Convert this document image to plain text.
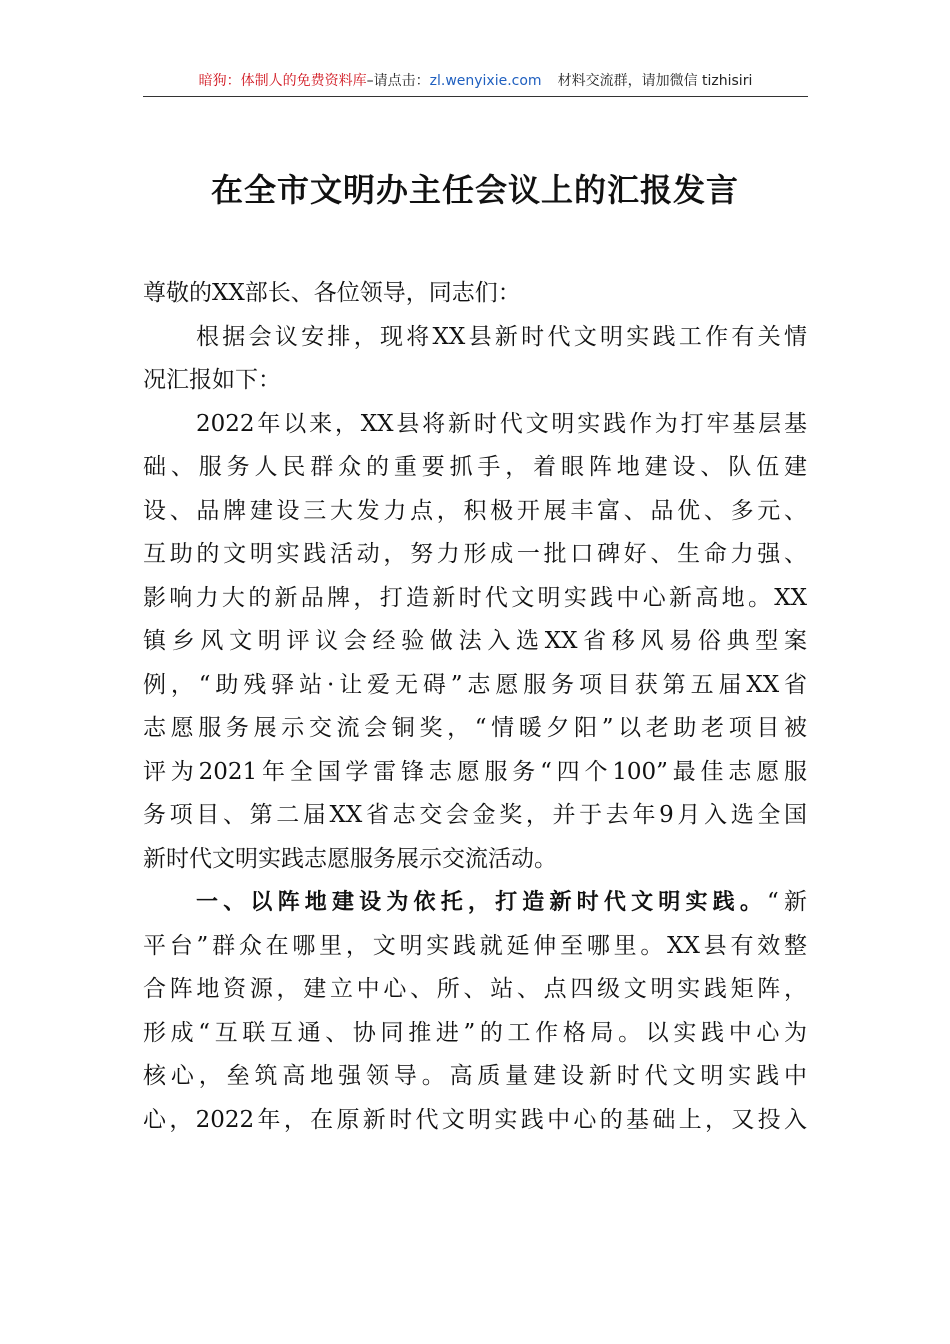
暗狗：体制人的免费资料库–请点击：zl.wenyixie.com 材料交流群，请加微信 tizhisiri
在全市文明办主任会议上的汇报发言
尊敬的XX部长、各位领导，同志们：
根据会议安排，现将XX县新时代文明实践工作有关情
况汇报如下：
2022年以来，XX县将新时代文明实践作为打牢基层基
础、服务人民群众的重要抓手，着眼阵地建设、队伍建
设、品牌建设三大发力点，积极开展丰富、品优、多元、
互助的文明实践活动，努力形成一批口碑好、生命力强、
影响力大的新品牌，打造新时代文明实践中心新高地。XX
镇乡风文明评议会经验做法入选XX省移风易俗典型案
例，“助残驿站·让爱无碍”志愿服务项目获第五届XX省
志愿服务展示交流会铜奖，“情暖夕阳”以老助老项目被
评为2021年全国学雷锋志愿服务“四个100”最佳志愿服
务项目、第二届XX省志交会金奖，并于去年9月入选全国
新时代文明实践志愿服务展示交流活动。
一、以阵地建设为依托，打造新时代文明实践。“新
平台”群众在哪里，文明实践就延伸至哪里。XX县有效整
合阵地资源，建立中心、所、站、点四级文明实践矩阵，
形成“互联互通、协同推进”的工作格局。以实践中心为
核心，垒筑高地强领导。高质量建设新时代文明实践中
心，2022年，在原新时代文明实践中心的基础上，又投入
